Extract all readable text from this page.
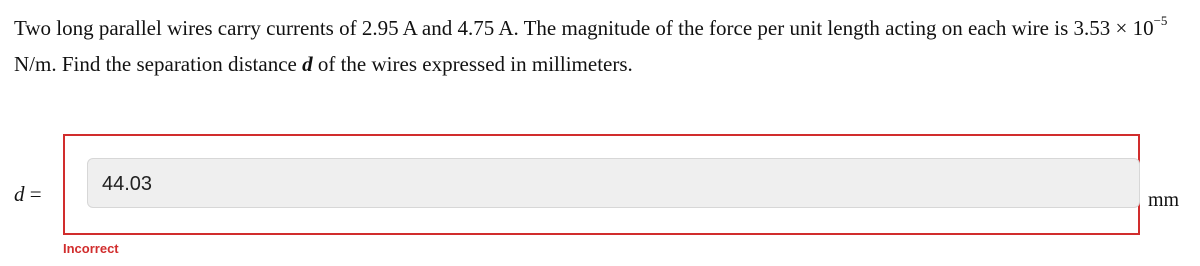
Two long parallel wires carry currents of 2.95 A and 4.75 A. The magnitude of the force per unit length acting on each wire is $3.53 \times 10^{-5}$ N/m. Find the separation distance d of the wires expressed in millimeters.

d =	44.03
mm
Incorrect
